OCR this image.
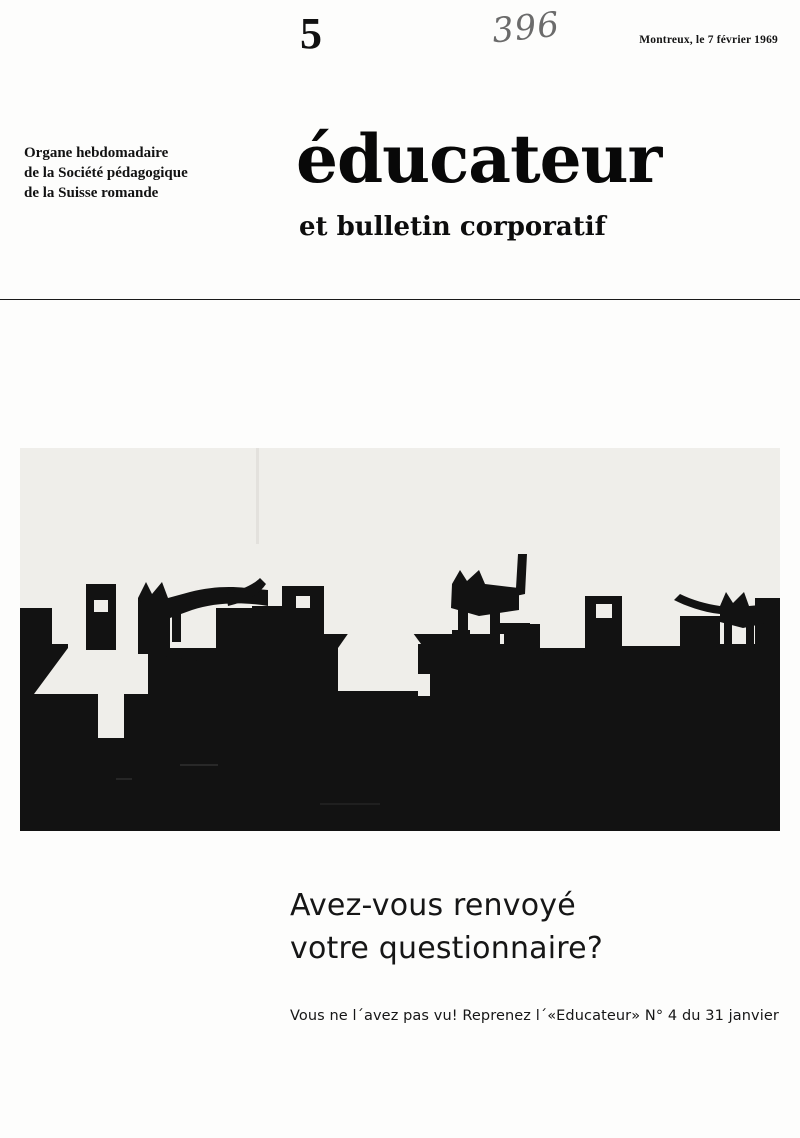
5	396	Montreux, le 7 février 1969
Organe hebdomadaire
de la Société pédagogique
de la Suisse romande	éducateur
et bulletin corporatif
Avez-vous renvoyé
votre questionnaire?
Vous ne l´avez pas vu! Reprenez l´«Educateur» N° 4 du 31 janvier
